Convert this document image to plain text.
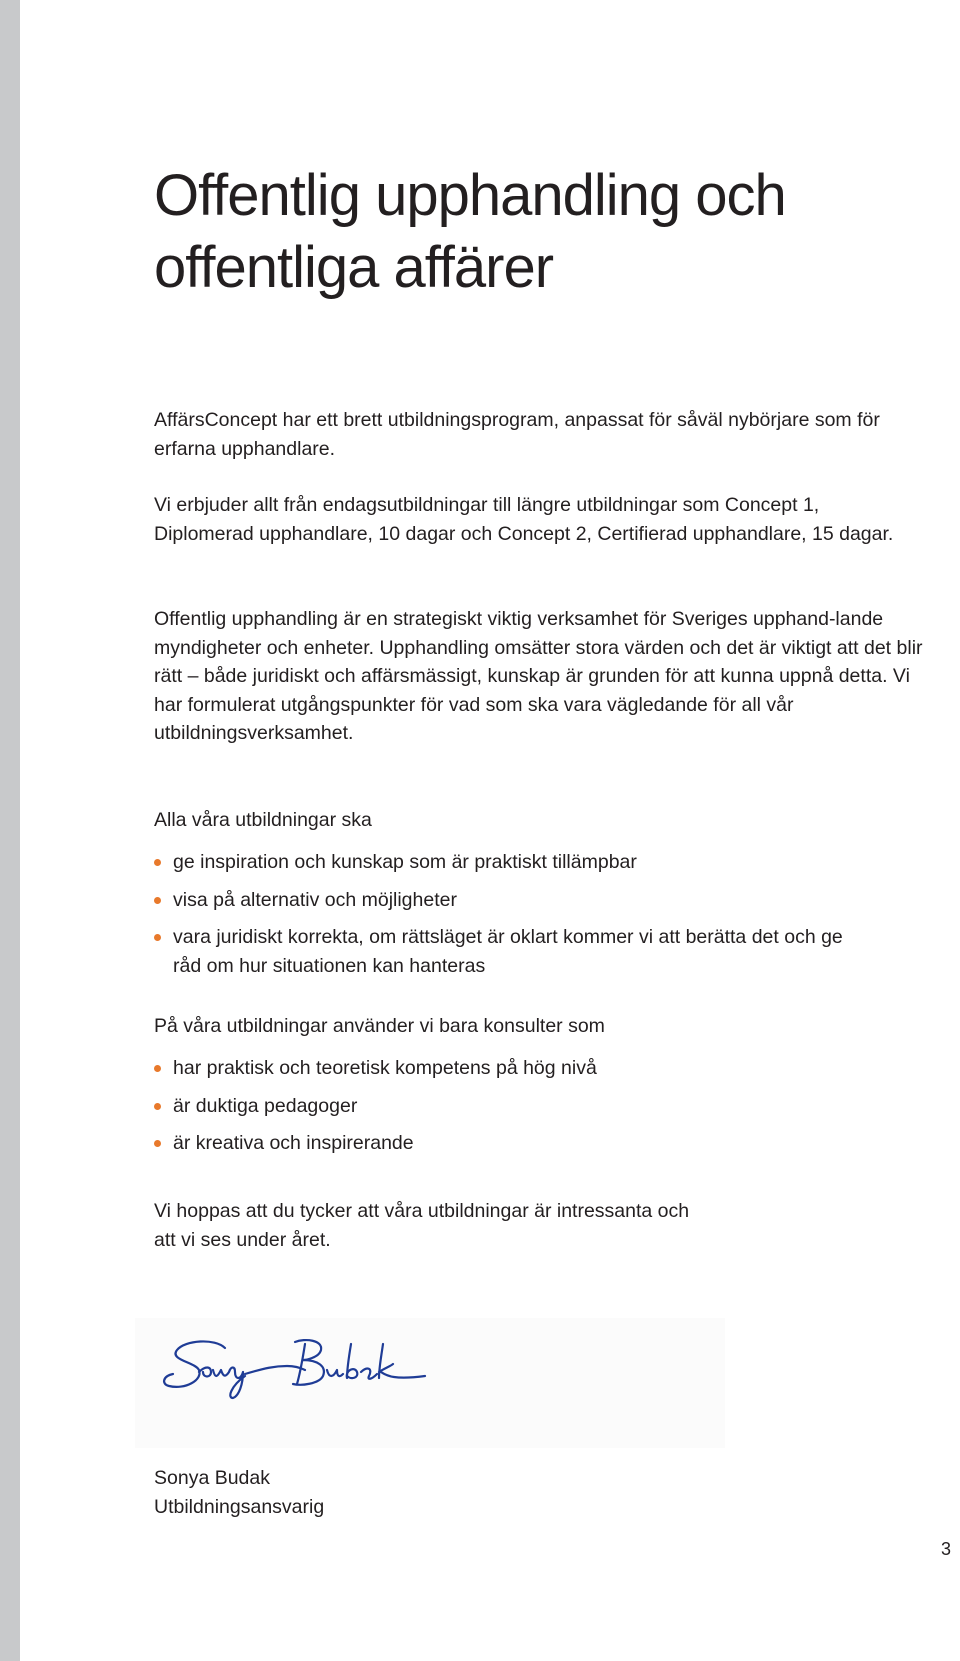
Offentlig upphandling och
offentliga affärer

AffärsConcept har ett brett utbildningsprogram, anpassat för såväl nybörjare som för erfarna upphandlare.

Vi erbjuder allt från endagsutbildningar till längre utbildningar som Concept 1, Diplomerad upphandlare, 10 dagar och Concept 2, Certifierad upphandlare, 15 dagar.

Offentlig upphandling är en strategiskt viktig verksamhet för Sveriges upphand-lande myndigheter och enheter. Upphandling omsätter stora värden och det är viktigt att det blir rätt – både juridiskt och affärsmässigt, kunskap är grunden för att kunna uppnå detta. Vi har formulerat utgångspunkter för vad som ska vara vägledande för all vår utbildningsverksamhet.

Alla våra utbildningar ska

ge inspiration och kunskap som är praktiskt tillämpbar
visa på alternativ och möjligheter
vara juridiskt korrekta, om rättsläget är oklart kommer vi att berätta det och ge råd om hur situationen kan hanteras

På våra utbildningar använder vi bara konsulter som

har praktisk och teoretisk kompetens på hög nivå
är duktiga pedagoger
är kreativa och inspirerande

Vi hoppas att du tycker att våra utbildningar är intressanta och att vi ses under året.

Sonya Budak
Utbildningsansvarig
3
